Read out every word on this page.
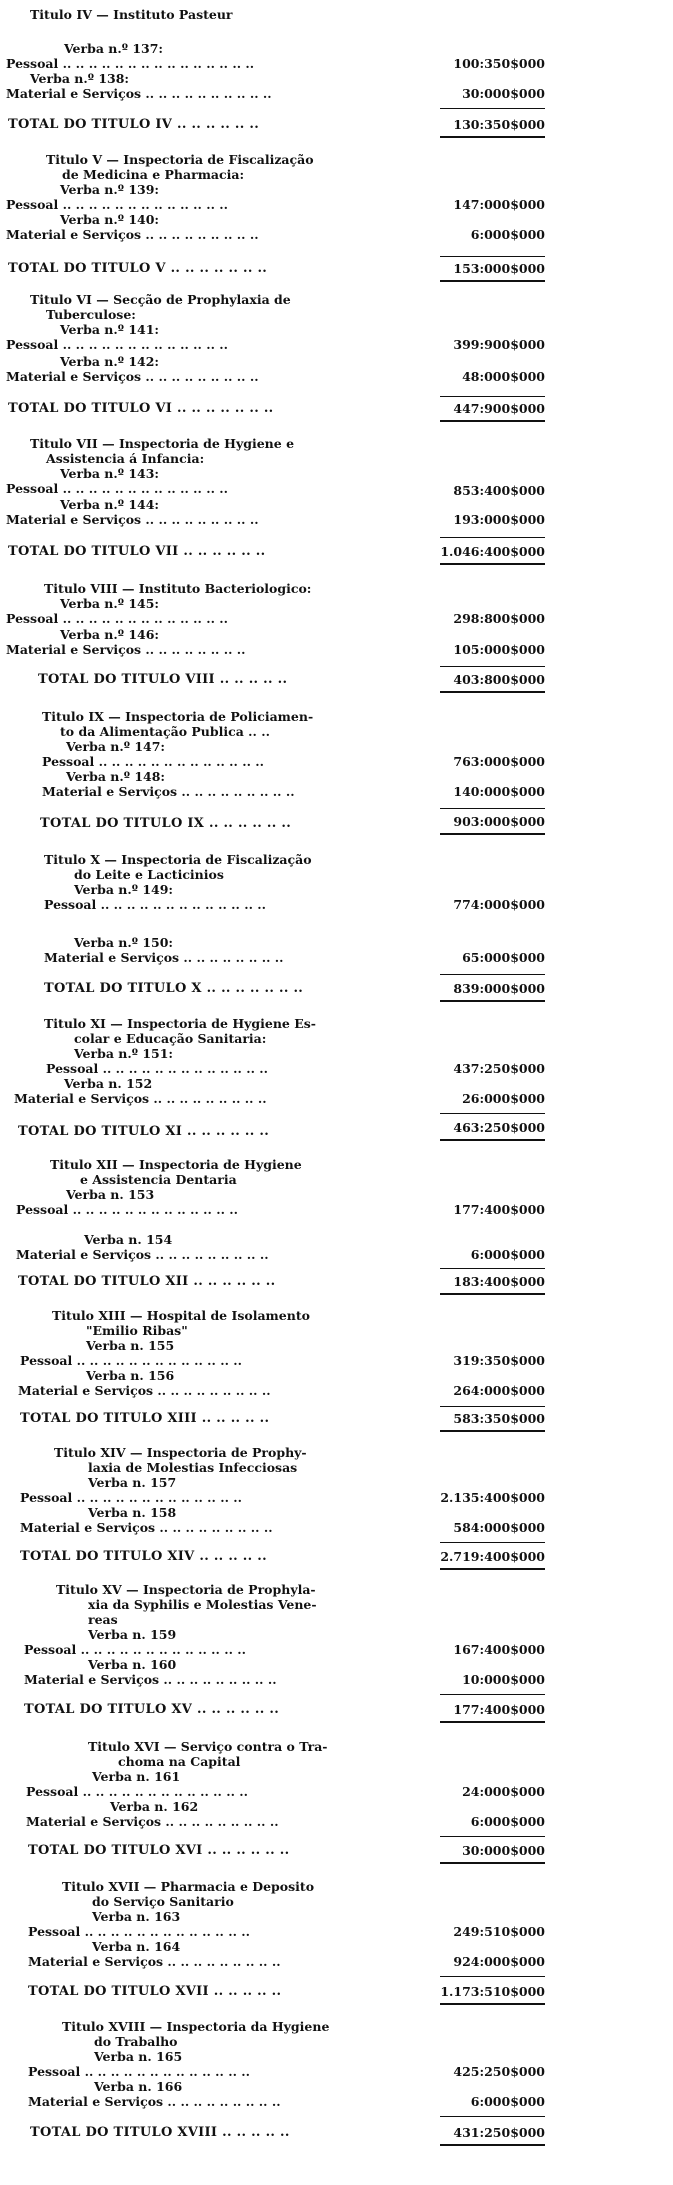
Titulo IV — Instituto Pasteur
Verba n.º 137:
Pessoal .. .. .. .. .. .. .. .. .. .. .. .. .. .. ..	100:350$000
Verba n.º 138:
Material e Serviços .. .. .. .. .. .. .. .. .. ..	30:000$000
TOTAL DO TITULO IV .. .. .. .. .. ..	130:350$000
Titulo V — Inspectoria de Fiscalização
de Medicina e Pharmacia:
Verba n.º 139:
Pessoal .. .. .. .. .. .. .. .. .. .. .. .. ..	147:000$000
Verba n.º 140:
Material e Serviços .. .. .. .. .. .. .. .. ..	6:000$000
TOTAL DO TITULO V .. .. .. .. .. .. ..	153:000$000
Titulo VI — Secção de Prophylaxia de
Tuberculose:
Verba n.º 141:
Pessoal .. .. .. .. .. .. .. .. .. .. .. .. ..	399:900$000
Verba n.º 142:
Material e Serviços .. .. .. .. .. .. .. .. ..	48:000$000
TOTAL DO TITULO VI .. .. .. .. .. .. ..	447:900$000
Titulo VII — Inspectoria de Hygiene e
Assistencia á Infancia:
Verba n.º 143:
Pessoal .. .. .. .. .. .. .. .. .. .. .. .. ..	853:400$000
Verba n.º 144:
Material e Serviços .. .. .. .. .. .. .. .. ..	193:000$000
TOTAL DO TITULO VII .. .. .. .. .. ..	1.046:400$000
Titulo VIII — Instituto Bacteriologico:
Verba n.º 145:
Pessoal .. .. .. .. .. .. .. .. .. .. .. .. ..	298:800$000
Verba n.º 146:
Material e Serviços .. .. .. .. .. .. .. ..	105:000$000
TOTAL DO TITULO VIII .. .. .. .. ..	403:800$000
Titulo IX — Inspectoria de Policiamen-
to da Alimentação Publica .. ..
Verba n.º 147:
Pessoal .. .. .. .. .. .. .. .. .. .. .. .. ..	763:000$000
Verba n.º 148:
Material e Serviços .. .. .. .. .. .. .. .. ..	140:000$000
TOTAL DO TITULO IX .. .. .. .. .. ..	903:000$000
Titulo X — Inspectoria de Fiscalização
do Leite e Lacticinios
Verba n.º 149:
Pessoal .. .. .. .. .. .. .. .. .. .. .. .. ..	774:000$000
Verba n.º 150:
Material e Serviços .. .. .. .. .. .. .. ..	65:000$000
TOTAL DO TITULO X .. .. .. .. .. .. ..	839:000$000
Titulo XI — Inspectoria de Hygiene Es-
colar e Educação Sanitaria:
Verba n.º 151:
Pessoal .. .. .. .. .. .. .. .. .. .. .. .. ..	437:250$000
Verba n. 152
Material e Serviços .. .. .. .. .. .. .. .. ..	26:000$000
TOTAL DO TITULO XI .. .. .. .. .. ..	463:250$000
Titulo XII — Inspectoria de Hygiene
e Assistencia Dentaria
Verba n. 153
Pessoal .. .. .. .. .. .. .. .. .. .. .. .. ..	177:400$000
Verba n. 154
Material e Serviços .. .. .. .. .. .. .. .. ..	6:000$000
TOTAL DO TITULO XII .. .. .. .. .. ..	183:400$000
Titulo XIII — Hospital de Isolamento
"Emilio Ribas"
Verba n. 155
Pessoal .. .. .. .. .. .. .. .. .. .. .. .. ..	319:350$000
Verba n. 156
Material e Serviços .. .. .. .. .. .. .. .. ..	264:000$000
TOTAL DO TITULO XIII .. .. .. .. ..	583:350$000
Titulo XIV — Inspectoria de Prophy-
laxia de Molestias Infecciosas
Verba n. 157
Pessoal .. .. .. .. .. .. .. .. .. .. .. .. ..	2.135:400$000
Verba n. 158
Material e Serviços .. .. .. .. .. .. .. .. ..	584:000$000
TOTAL DO TITULO XIV .. .. .. .. ..	2.719:400$000
Titulo XV — Inspectoria de Prophyla-
xia da Syphilis e Molestias Vene-
reas
Verba n. 159
Pessoal .. .. .. .. .. .. .. .. .. .. .. .. ..	167:400$000
Verba n. 160
Material e Serviços .. .. .. .. .. .. .. .. ..	10:000$000
TOTAL DO TITULO XV .. .. .. .. .. ..	177:400$000
Titulo XVI — Serviço contra o Tra-
choma na Capital
Verba n. 161
Pessoal .. .. .. .. .. .. .. .. .. .. .. .. ..	24:000$000
Verba n. 162
Material e Serviços .. .. .. .. .. .. .. .. ..	6:000$000
TOTAL DO TITULO XVI .. .. .. .. .. ..	30:000$000
Titulo XVII — Pharmacia e Deposito
do Serviço Sanitario
Verba n. 163
Pessoal .. .. .. .. .. .. .. .. .. .. .. .. ..	249:510$000
Verba n. 164
Material e Serviços .. .. .. .. .. .. .. .. ..	924:000$000
TOTAL DO TITULO XVII .. .. .. .. ..	1.173:510$000
Titulo XVIII — Inspectoria da Hygiene
do Trabalho
Verba n. 165
Pessoal .. .. .. .. .. .. .. .. .. .. .. .. ..	425:250$000
Verba n. 166
Material e Serviços .. .. .. .. .. .. .. .. ..	6:000$000
TOTAL DO TITULO XVIII .. .. .. .. ..	431:250$000
